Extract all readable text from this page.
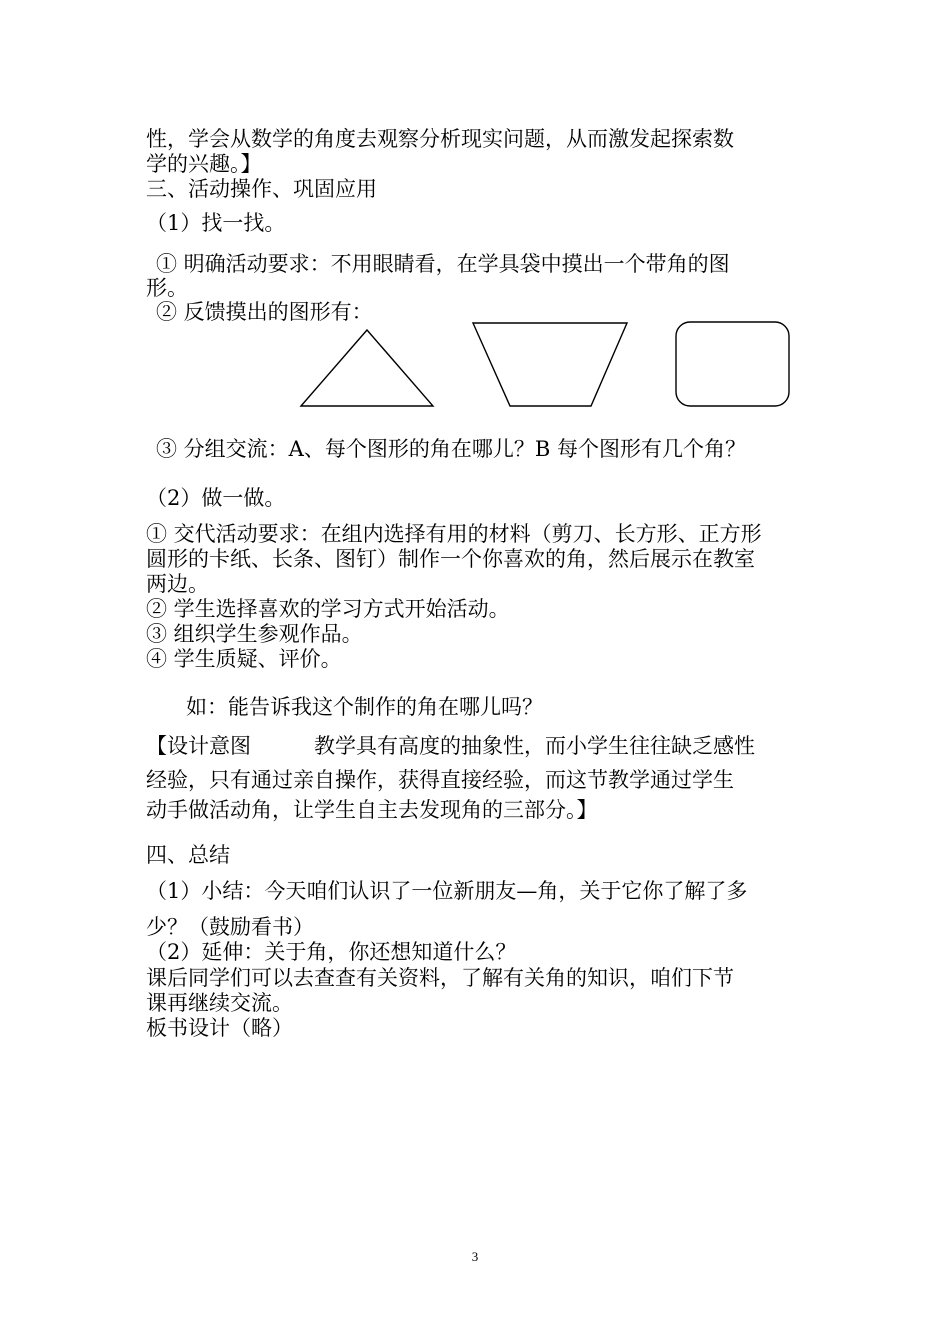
性，学会从数学的角度去观察分析现实问题，从而激发起探索数
学的兴趣。】
三、活动操作、巩固应用
（1）找一找。
① 明确活动要求：不用眼睛看，在学具袋中摸出一个带角的图
形。
② 反馈摸出的图形有：
③ 分组交流：A、每个图形的角在哪儿？B 每个图形有几个角？
（2）做一做。
① 交代活动要求：在组内选择有用的材料（剪刀、长方形、正方形
圆形的卡纸、长条、图钉）制作一个你喜欢的角，然后展示在教室
两边。
② 学生选择喜欢的学习方式开始活动。
③ 组织学生参观作品。
④ 学生质疑、评价。
如：能告诉我这个制作的角在哪儿吗？
【设计意图　　　教学具有高度的抽象性，而小学生往往缺乏感性
经验，只有通过亲自操作，获得直接经验，而这节教学通过学生
动手做活动角，让学生自主去发现角的三部分。】
四、总结
（1）小结：今天咱们认识了一位新朋友—角，关于它你了解了多
少？（鼓励看书）
（2）延伸：关于角，你还想知道什么？
课后同学们可以去查查有关资料，了解有关角的知识，咱们下节
课再继续交流。
板书设计（略）
3
